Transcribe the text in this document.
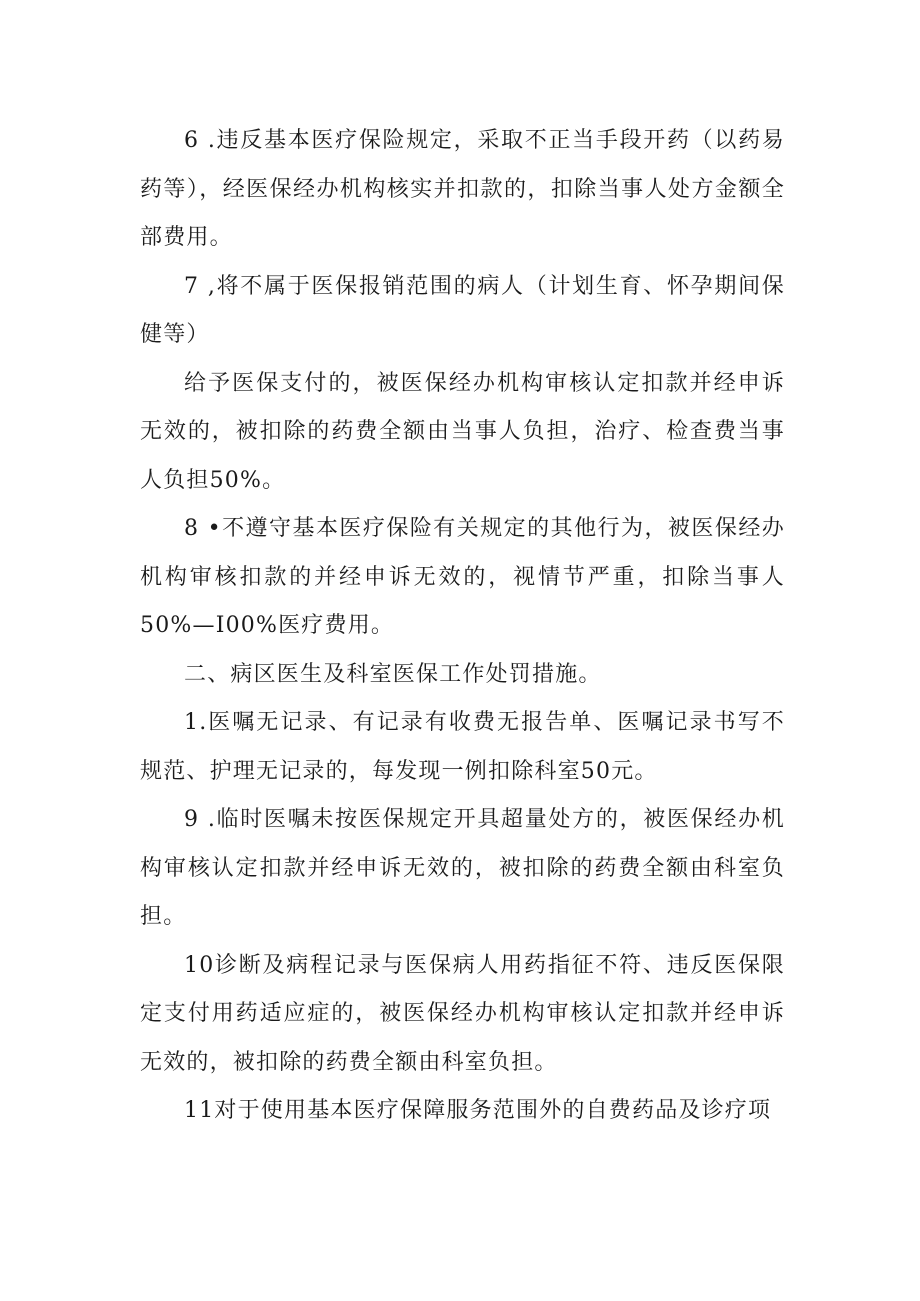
6 .违反基本医疗保险规定，采取不正当手段开药（以药易药等），经医保经办机构核实并扣款的，扣除当事人处方金额全部费用。

7 ,将不属于医保报销范围的病人（计划生育、怀孕期间保健等）

给予医保支付的，被医保经办机构审核认定扣款并经申诉无效的，被扣除的药费全额由当事人负担，治疗、检查费当事人负担50%。

8 •不遵守基本医疗保险有关规定的其他行为，被医保经办机构审核扣款的并经申诉无效的，视情节严重，扣除当事人50%—I00%医疗费用。

二、病区医生及科室医保工作处罚措施。

1.医嘱无记录、有记录有收费无报告单、医嘱记录书写不规范、护理无记录的，每发现一例扣除科室50元。

9 .临时医嘱未按医保规定开具超量处方的，被医保经办机构审核认定扣款并经申诉无效的，被扣除的药费全额由科室负担。

10诊断及病程记录与医保病人用药指征不符、违反医保限定支付用药适应症的，被医保经办机构审核认定扣款并经申诉无效的，被扣除的药费全额由科室负担。

11对于使用基本医疗保障服务范围外的自费药品及诊疗项
